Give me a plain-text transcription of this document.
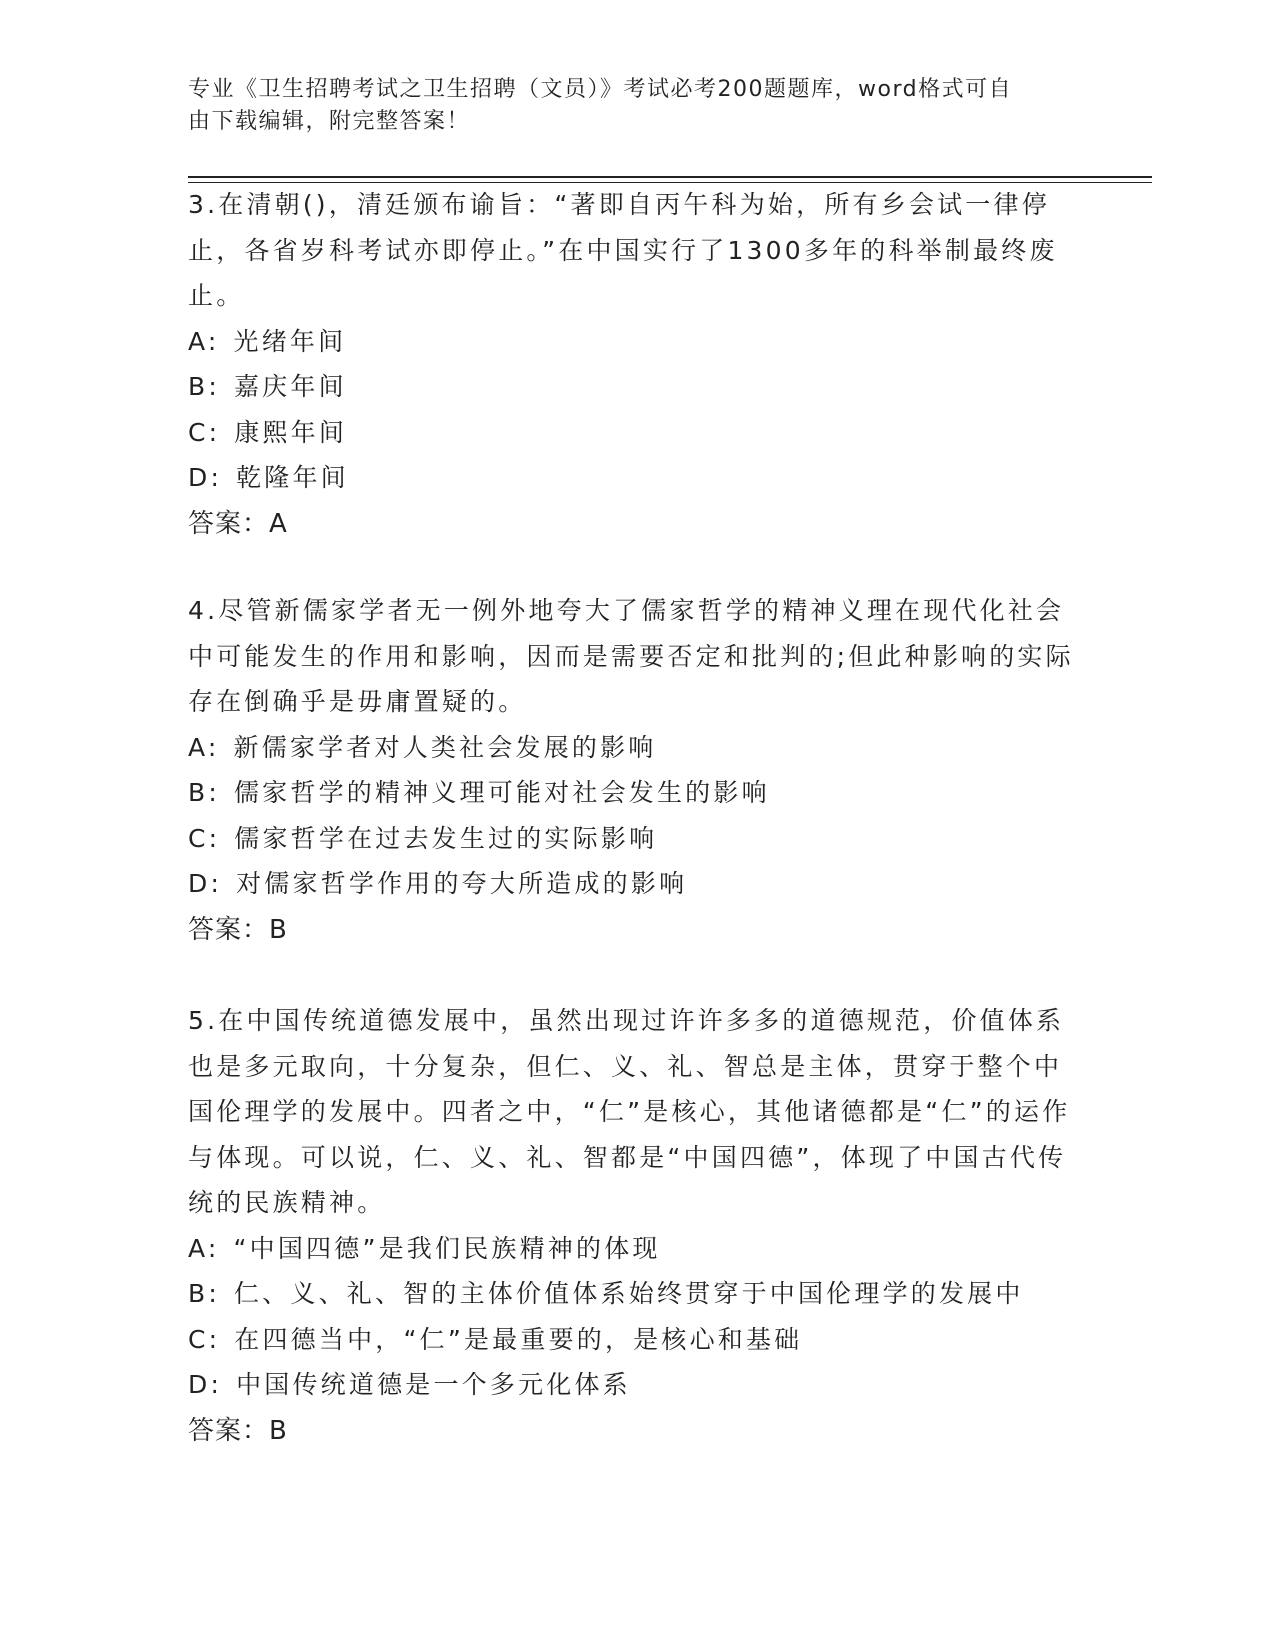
专业《卫生招聘考试之卫生招聘（文员）》考试必考200题题库，word格式可自
由下载编辑，附完整答案！

3.在清朝()，清廷颁布谕旨：“著即自丙午科为始，所有乡会试一律停止，各省岁科考试亦即停止。”在中国实行了1300多年的科举制最终废止。

A: 光绪年间

B: 嘉庆年间

C: 康熙年间

D: 乾隆年间

答案：A

4.尽管新儒家学者无一例外地夸大了儒家哲学的精神义理在现代化社会中可能发生的作用和影响，因而是需要否定和批判的;但此种影响的实际存在倒确乎是毋庸置疑的。

A: 新儒家学者对人类社会发展的影响

B: 儒家哲学的精神义理可能对社会发生的影响

C: 儒家哲学在过去发生过的实际影响

D: 对儒家哲学作用的夸大所造成的影响

答案：B

5.在中国传统道德发展中，虽然出现过许许多多的道德规范，价值体系也是多元取向，十分复杂，但仁、义、礼、智总是主体，贯穿于整个中国伦理学的发展中。四者之中，“仁”是核心，其他诸德都是“仁”的运作与体现。可以说，仁、义、礼、智都是“中国四德”，体现了中国古代传统的民族精神。

A: “中国四德”是我们民族精神的体现

B: 仁、义、礼、智的主体价值体系始终贯穿于中国伦理学的发展中

C: 在四德当中，“仁”是最重要的，是核心和基础

D: 中国传统道德是一个多元化体系

答案：B
